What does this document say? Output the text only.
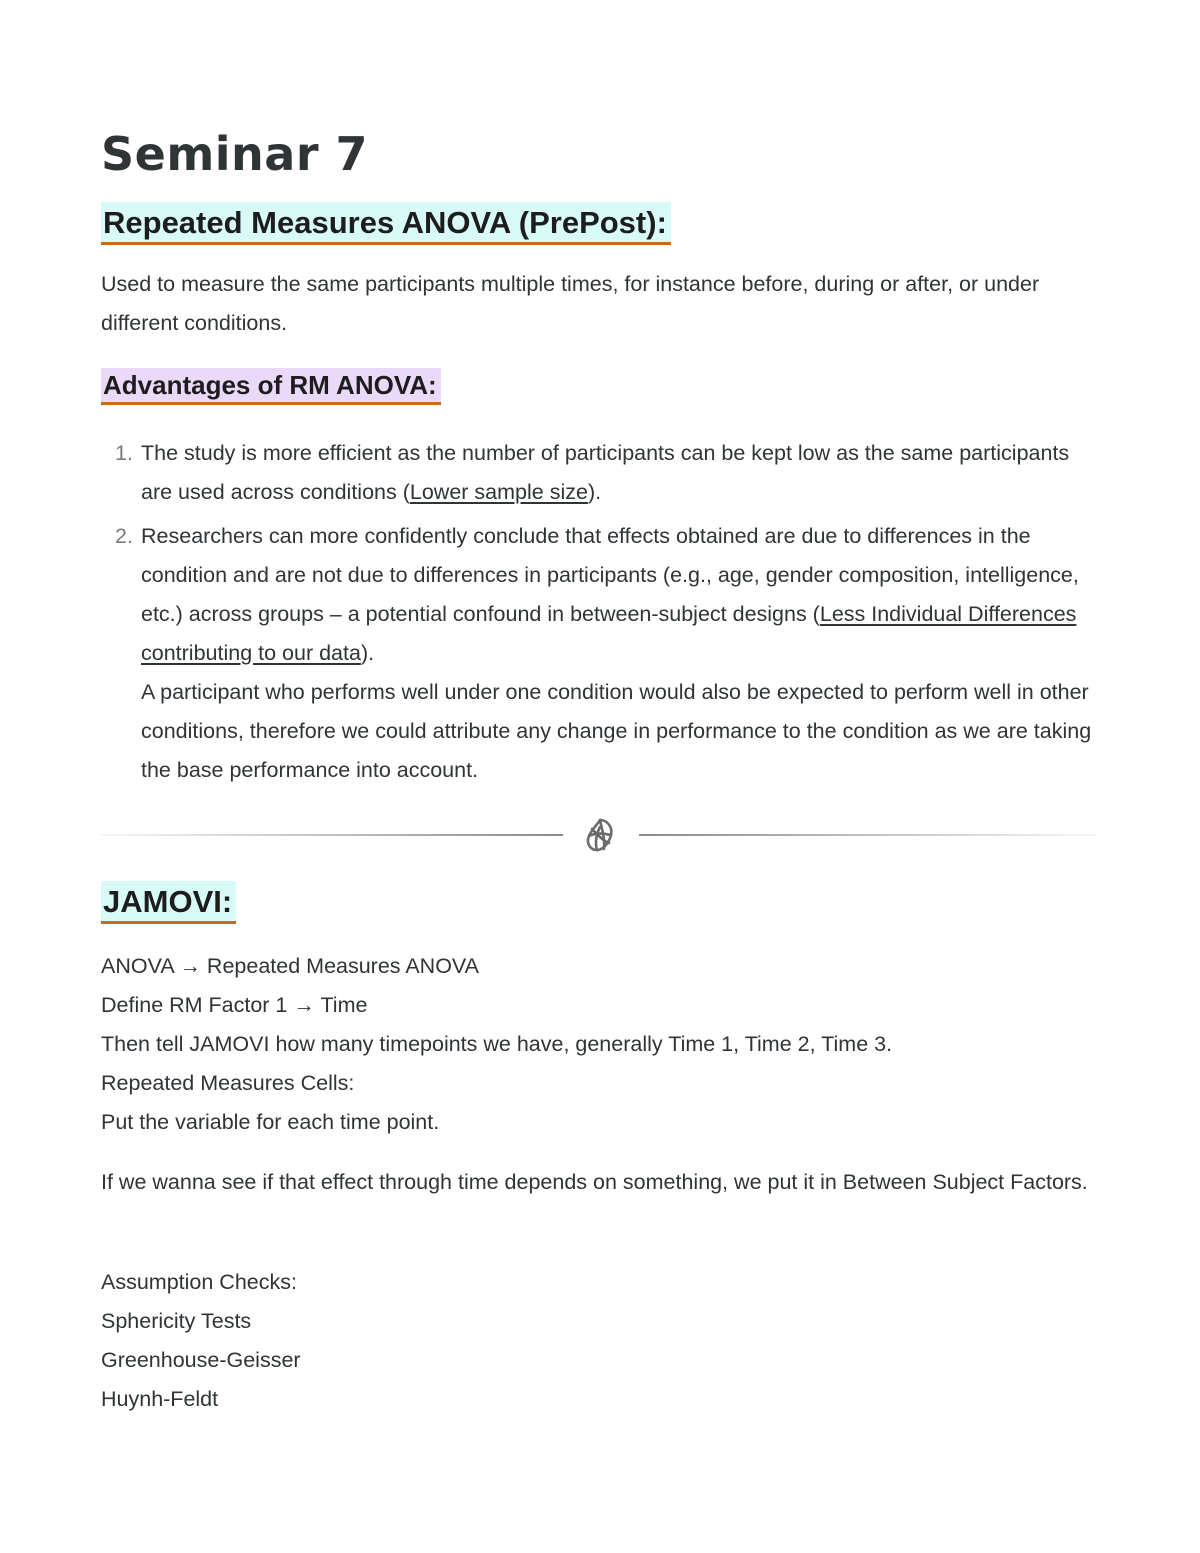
Seminar 7
Repeated Measures ANOVA (PrePost):

Used to measure the same participants multiple times, for instance before, during or after, or under different conditions.

Advantages of RM ANOVA:
1. The study is more efficient as the number of participants can be kept low as the same participants are used across conditions (Lower sample size).
2. Researchers can more confidently conclude that effects obtained are due to differences in the condition and are not due to differences in participants (e.g., age, gender composition, intelligence, etc.) across groups – a potential confound in between-subject designs (Less Individual Differences contributing to our data).
A participant who performs well under one condition would also be expected to perform well in other conditions, therefore we could attribute any change in performance to the condition as we are taking the base performance into account.
JAMOVI:
ANOVA → Repeated Measures ANOVA
Define RM Factor 1 → Time
Then tell JAMOVI how many timepoints we have, generally Time 1, Time 2, Time 3.
Repeated Measures Cells:
Put the variable for each time point.

If we wanna see if that effect through time depends on something, we put it in Between Subject Factors.

Assumption Checks:
Sphericity Tests
Greenhouse-Geisser
Huynh-Feldt
